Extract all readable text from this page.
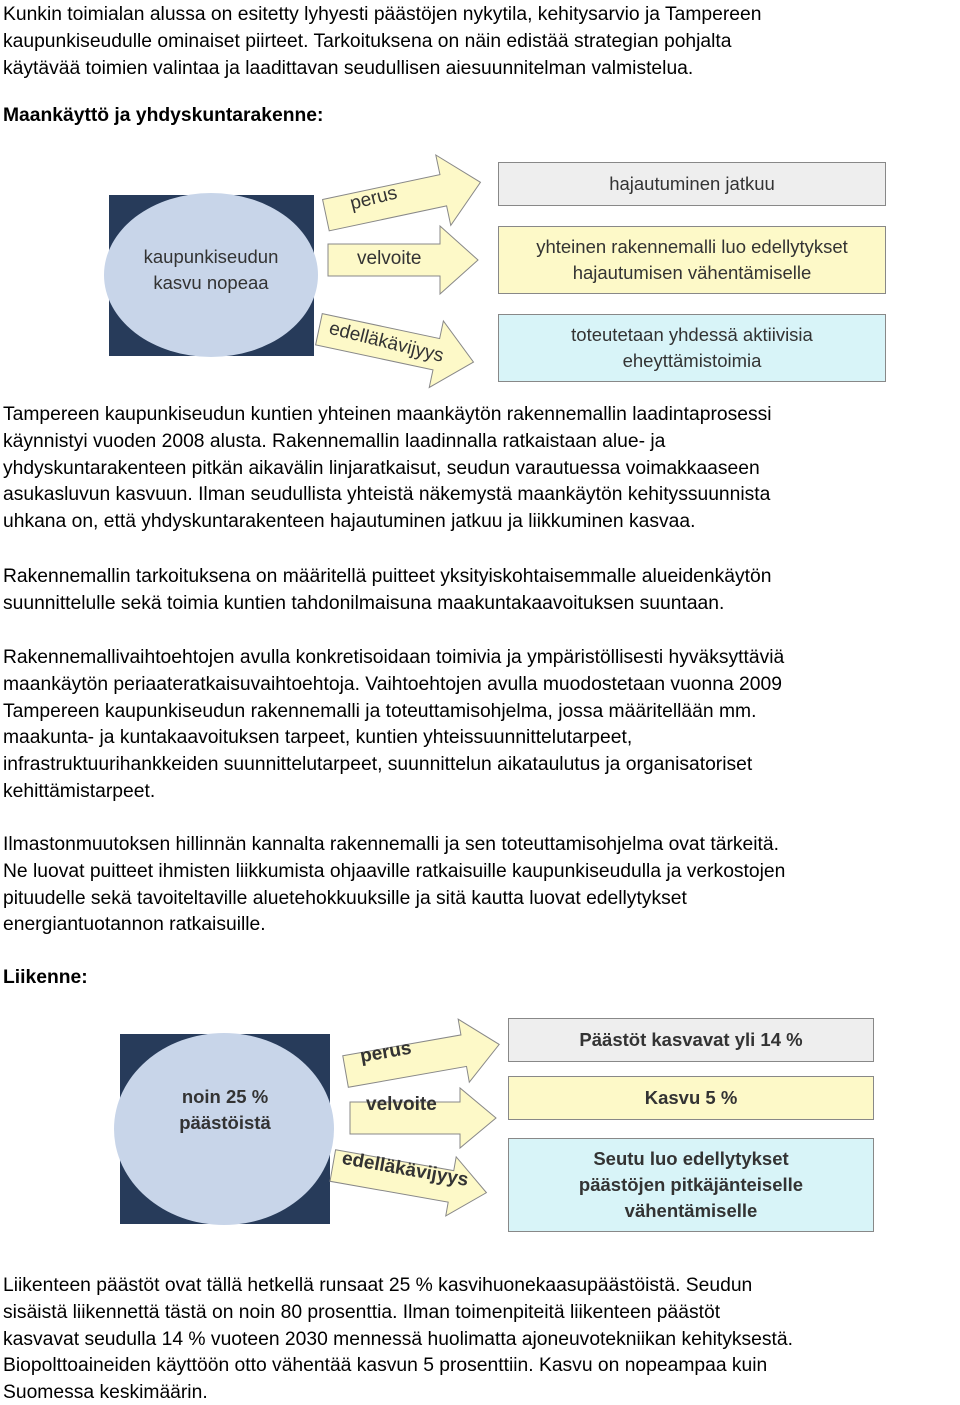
Kunkin toimialan alussa on esitetty lyhyesti päästöjen nykytila, kehitysarvio ja Tampereen
kaupunkiseudulle ominaiset piirteet. Tarkoituksena on näin edistää strategian pohjalta
käytävää toimien valintaa ja laadittavan seudullisen aiesuunnitelman valmistelua.
Maankäyttö ja yhdyskuntarakenne:
kaupunkiseudun
kasvu nopeaa
perus
velvoite
edelläkävijyys
hajautuminen jatkuu
yhteinen rakennemalli luo edellytykset
hajautumisen vähentämiselle
toteutetaan yhdessä aktiivisia
eheyttämistoimia
Tampereen kaupunkiseudun kuntien yhteinen maankäytön rakennemallin laadintaprosessi
käynnistyi vuoden 2008 alusta. Rakennemallin laadinnalla ratkaistaan alue- ja
yhdyskuntarakenteen pitkän aikavälin linjaratkaisut, seudun varautuessa voimakkaaseen
asukasluvun kasvuun. Ilman seudullista yhteistä näkemystä maankäytön kehityssuunnista
uhkana on, että yhdyskuntarakenteen hajautuminen jatkuu ja liikkuminen kasvaa.
Rakennemallin tarkoituksena on määritellä puitteet yksityiskohtaisemmalle alueidenkäytön
suunnittelulle sekä toimia kuntien tahdonilmaisuna maakuntakaavoituksen suuntaan.
Rakennemallivaihtoehtojen avulla konkretisoidaan toimivia ja ympäristöllisesti hyväksyttäviä
maankäytön periaateratkaisuvaihtoehtoja. Vaihtoehtojen avulla muodostetaan vuonna 2009
Tampereen kaupunkiseudun rakennemalli ja toteuttamisohjelma, jossa määritellään mm.
maakunta- ja kuntakaavoituksen tarpeet, kuntien yhteissuunnittelutarpeet,
infrastruktuurihankkeiden suunnittelutarpeet, suunnittelun aikataulutus ja organisatoriset
kehittämistarpeet.
Ilmastonmuutoksen hillinnän kannalta rakennemalli ja sen toteuttamisohjelma ovat tärkeitä.
Ne luovat puitteet ihmisten liikkumista ohjaaville ratkaisuille kaupunkiseudulla ja verkostojen
pituudelle sekä tavoiteltaville aluetehokkuuksille ja sitä kautta luovat edellytykset
energiantuotannon ratkaisuille.
Liikenne:
noin 25 %
päästöistä
perus
velvoite
edelläkävijyys
Päästöt kasvavat yli 14 %
Kasvu 5 %
Seutu luo edellytykset
päästöjen pitkäjänteiselle
vähentämiselle
Liikenteen päästöt ovat tällä hetkellä runsaat 25 % kasvihuonekaasupäästöistä. Seudun
sisäistä liikennettä tästä on noin 80 prosenttia. Ilman toimenpiteitä liikenteen päästöt
kasvavat seudulla 14 % vuoteen 2030 mennessä huolimatta ajoneuvotekniikan kehityksestä.
Biopolttoaineiden käyttöön otto vähentää kasvun 5 prosenttiin. Kasvu on nopeampaa kuin
Suomessa keskimäärin.
